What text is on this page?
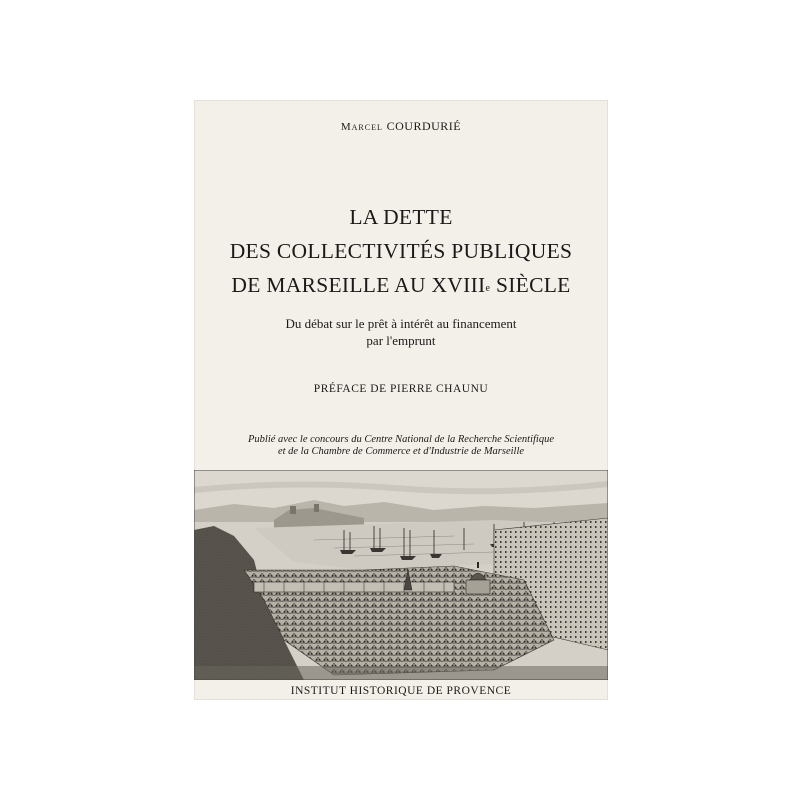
Marcel COURDURIÉ
LA DETTE
DES COLLECTIVITÉS PUBLIQUES
DE MARSEILLE AU XVIIIe SIÈCLE
Du débat sur le prêt à intérêt au financement
par l'emprunt
PRÉFACE DE PIERRE CHAUNU
Publié avec le concours du Centre National de la Recherche Scientifique
et de la Chambre de Commerce et d'Industrie de Marseille
INSTITUT HISTORIQUE DE PROVENCE
